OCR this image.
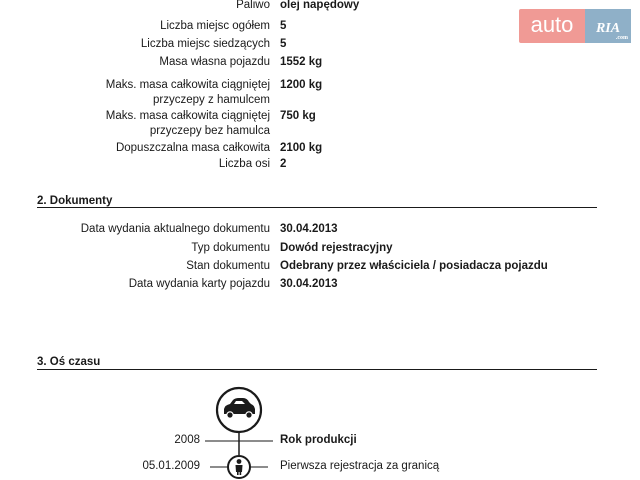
auto	RIA
.com
Paliwo olej napędowy
Liczba miejsc ogółem 5
Liczba miejsc siedzących 5
Masa własna pojazdu 1552 kg
Maks. masa całkowita ciągniętej
przyczepy z hamulcem
1200 kg
Maks. masa całkowita ciągniętej
przyczepy bez hamulca
750 kg
Dopuszczalna masa całkowita 2100 kg
Liczba osi 2
2. Dokumenty
Data wydania aktualnego dokumentu 30.04.2013
Typ dokumentu Dowód rejestracyjny
Stan dokumentu Odebrany przez właściciela / posiadacza pojazdu
Data wydania karty pojazdu 30.04.2013
3. Oś czasu
2008	Rok produkcji
05.01.2009	Pierwsza rejestracja za granicą
